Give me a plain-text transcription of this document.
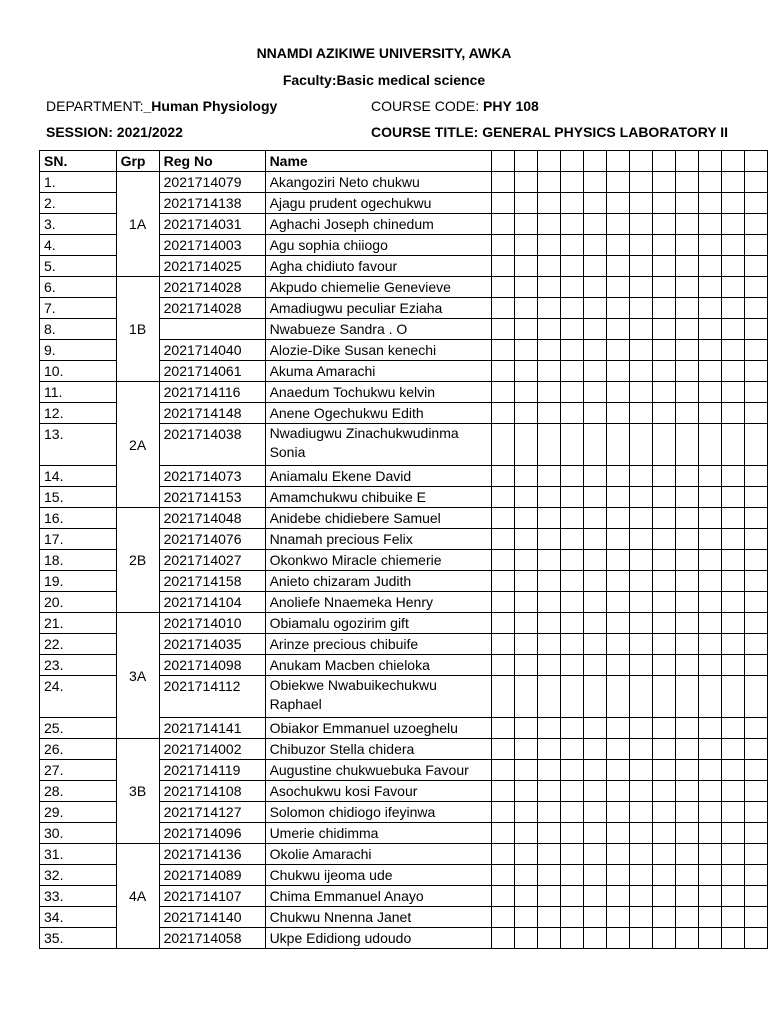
NNAMDI AZIKIWE UNIVERSITY, AWKA
Faculty:Basic medical science
DEPARTMENT:_Human Physiology	COURSE CODE: PHY 108
SESSION: 2021/2022	COURSE TITLE: GENERAL PHYSICS LABORATORY II
SN.	Grp	Reg No	Name												
1.	1A	2021714079	Akangoziri Neto chukwu												
2.		2021714138	Ajagu prudent ogechukwu												
3.		2021714031	Aghachi Joseph chinedum												
4.		2021714003	Agu sophia chiiogo												
5.		2021714025	Agha chidiuto favour												
6.	1B	2021714028	Akpudo chiemelie Genevieve												
7.		2021714028	Amadiugwu peculiar Eziaha												
8.			Nwabueze Sandra . O												
9.		2021714040	Alozie-Dike Susan kenechi												
10.		2021714061	Akuma Amarachi												
11.	2A	2021714116	Anaedum Tochukwu kelvin												
12.		2021714148	Anene Ogechukwu Edith												
13.		2021714038	Nwadiugwu Zinachukwudinma Sonia												
14.		2021714073	Aniamalu Ekene David												
15.		2021714153	Amamchukwu chibuike E												
16.	2B	2021714048	Anidebe chidiebere Samuel												
17.		2021714076	Nnamah precious Felix												
18.		2021714027	Okonkwo Miracle chiemerie												
19.		2021714158	Anieto chizaram Judith												
20.		2021714104	Anoliefe Nnaemeka Henry												
21.	3A	2021714010	Obiamalu ogozirim gift												
22.		2021714035	Arinze precious chibuife												
23.		2021714098	Anukam Macben chieloka												
24.		2021714112	Obiekwe Nwabuikechukwu Raphael												
25.		2021714141	Obiakor Emmanuel uzoeghelu												
26.	3B	2021714002	Chibuzor Stella chidera												
27.		2021714119	Augustine chukwuebuka Favour												
28.		2021714108	Asochukwu kosi Favour												
29.		2021714127	Solomon chidiogo ifeyinwa												
30.		2021714096	Umerie chidimma												
31.	4A	2021714136	Okolie Amarachi												
32.		2021714089	Chukwu ijeoma ude												
33.		2021714107	Chima Emmanuel Anayo												
34.		2021714140	Chukwu Nnenna Janet												
35.		2021714058	Ukpe Edidiong udoudo												
